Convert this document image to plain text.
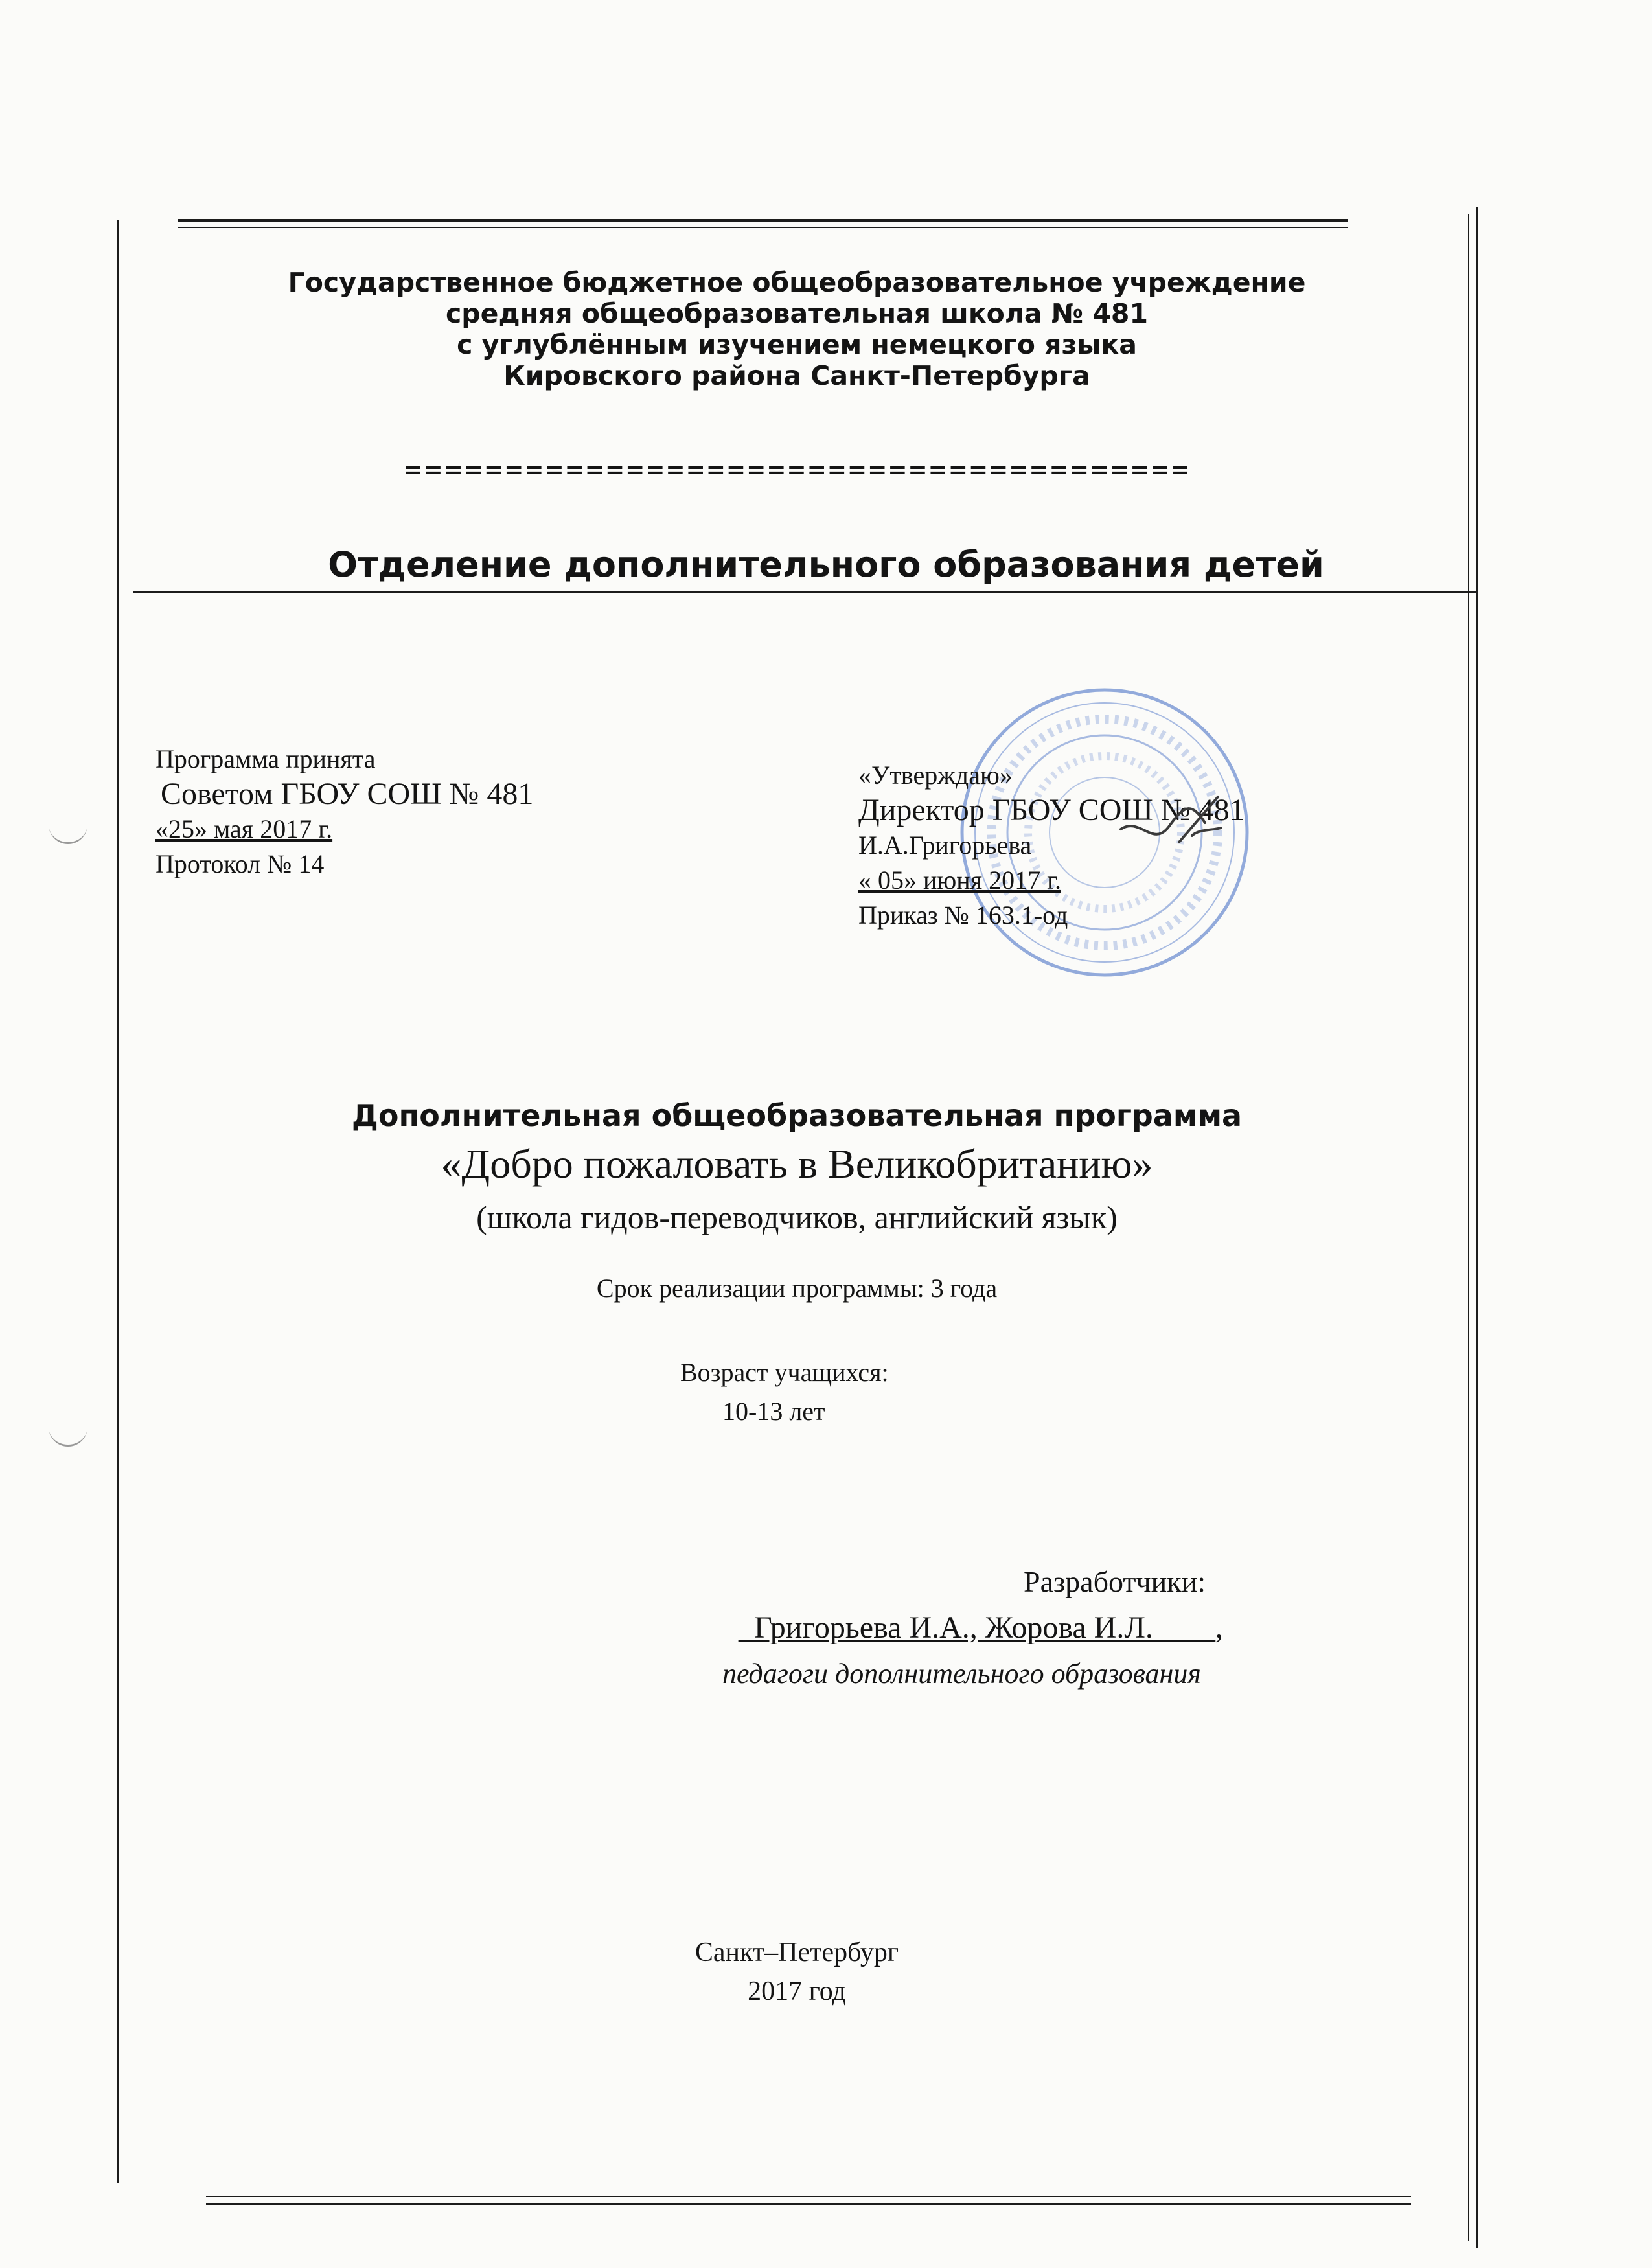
Государственное бюджетное общеобразовательное учреждение
средняя общеобразовательная школа № 481
с углублённым изучением немецкого языка
Кировского района Санкт-Петербурга
=======================================
Отделение дополнительного образования детей
Программа принята
Советом ГБОУ СОШ № 481
«25» мая 2017 г.
Протокол № 14
«Утверждаю»
Директор ГБОУ СОШ № 481
И.А.Григорьева
« 05» июня 2017 г.
Приказ № 163.1-од
Дополнительная общеобразовательная программа
«Добро пожаловать в Великобританию»
(школа гидов-переводчиков, английский язык)
Срок реализации программы: 3 года
Возраст учащихся:
10-13 лет
Разработчики:
_Григорьева И.А., Жорова И.Л.____,
педагоги дополнительного образования
Санкт–Петербург
2017 год
